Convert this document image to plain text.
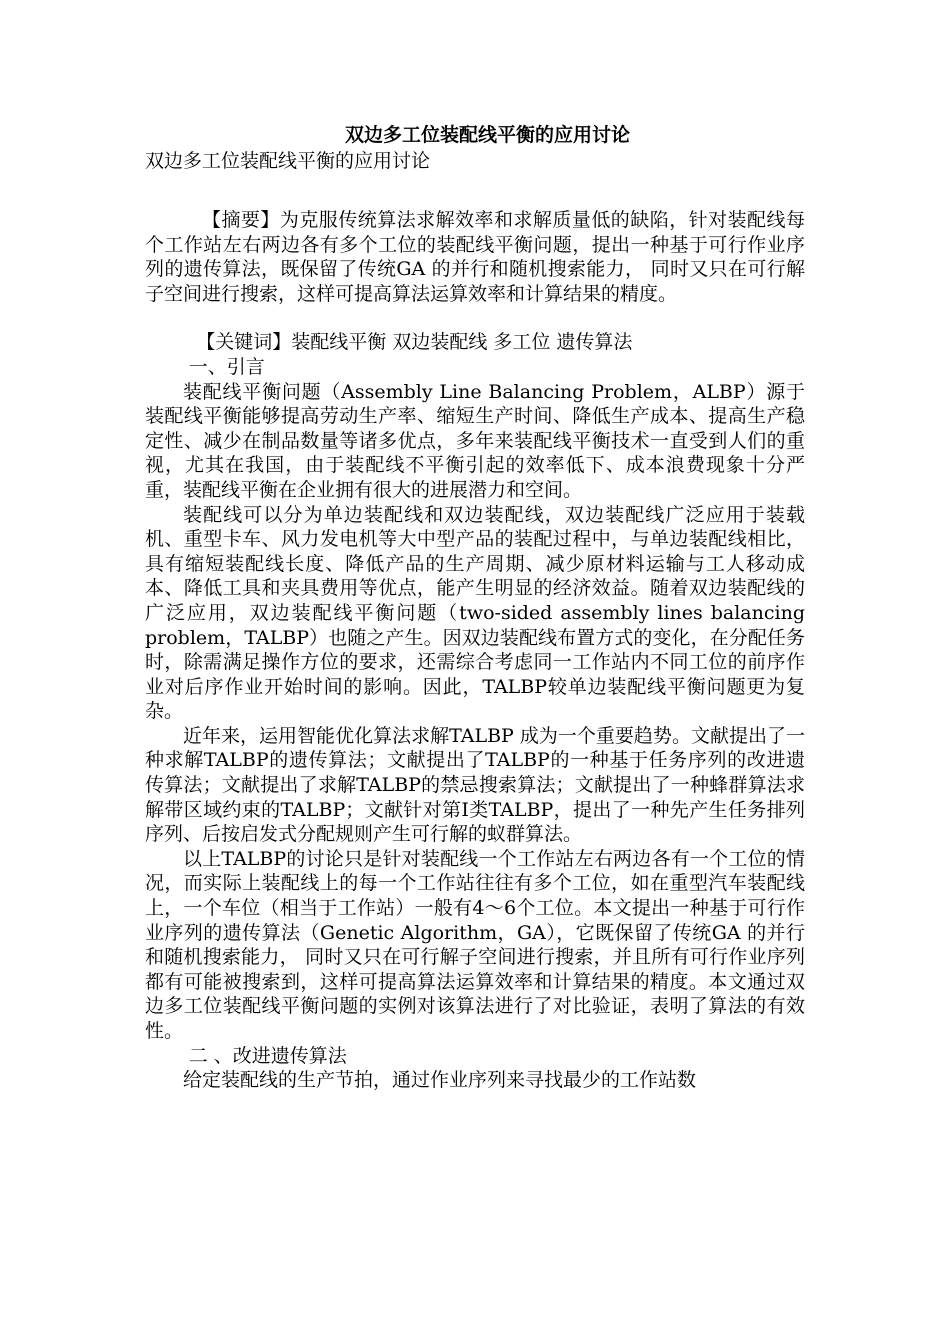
双边多工位装配线平衡的应用讨论

双边多工位装配线平衡的应用讨论

【摘要】为克服传统算法求解效率和求解质量低的缺陷，针对装配线每个工作站左右两边各有多个工位的装配线平衡问题，提出一种基于可行作业序列的遗传算法，既保留了传统GA 的并行和随机搜索能力， 同时又只在可行解子空间进行搜索，这样可提高算法运算效率和计算结果的精度。

【关键词】装配线平衡 双边装配线 多工位 遗传算法

一、引言

装配线平衡问题（Assembly Line Balancing Problem，ALBP）源于装配线平衡能够提高劳动生产率、缩短生产时间、降低生产成本、提高生产稳定性、减少在制品数量等诸多优点，多年来装配线平衡技术一直受到人们的重视，尤其在我国，由于装配线不平衡引起的效率低下、成本浪费现象十分严重，装配线平衡在企业拥有很大的进展潜力和空间。

装配线可以分为单边装配线和双边装配线，双边装配线广泛应用于装载机、重型卡车、风力发电机等大中型产品的装配过程中，与单边装配线相比，具有缩短装配线长度、降低产品的生产周期、减少原材料运输与工人移动成本、降低工具和夹具费用等优点，能产生明显的经济效益。随着双边装配线的广泛应用，双边装配线平衡问题（two-sided assembly lines balancing problem，TALBP）也随之产生。因双边装配线布置方式的变化，在分配任务时，除需满足操作方位的要求，还需综合考虑同一工作站内不同工位的前序作业对后序作业开始时间的影响。因此，TALBP较单边装配线平衡问题更为复杂。

近年来，运用智能优化算法求解TALBP 成为一个重要趋势。文献提出了一种求解TALBP的遗传算法；文献提出了TALBP的一种基于任务序列的改进遗传算法；文献提出了求解TALBP的禁忌搜索算法；文献提出了一种蜂群算法求解带区域约束的TALBP；文献针对第Ⅰ类TALBP，提出了一种先产生任务排列序列、后按启发式分配规则产生可行解的蚁群算法。

以上TALBP的讨论只是针对装配线一个工作站左右两边各有一个工位的情况，而实际上装配线上的每一个工作站往往有多个工位，如在重型汽车装配线上，一个车位（相当于工作站）一般有4～6个工位。本文提出一种基于可行作业序列的遗传算法（Genetic Algorithm，GA），它既保留了传统GA 的并行和随机搜索能力， 同时又只在可行解子空间进行搜索，并且所有可行作业序列都有可能被搜索到，这样可提高算法运算效率和计算结果的精度。本文通过双边多工位装配线平衡问题的实例对该算法进行了对比验证，表明了算法的有效性。

二 、改进遗传算法

给定装配线的生产节拍，通过作业序列来寻找最少的工作站数
